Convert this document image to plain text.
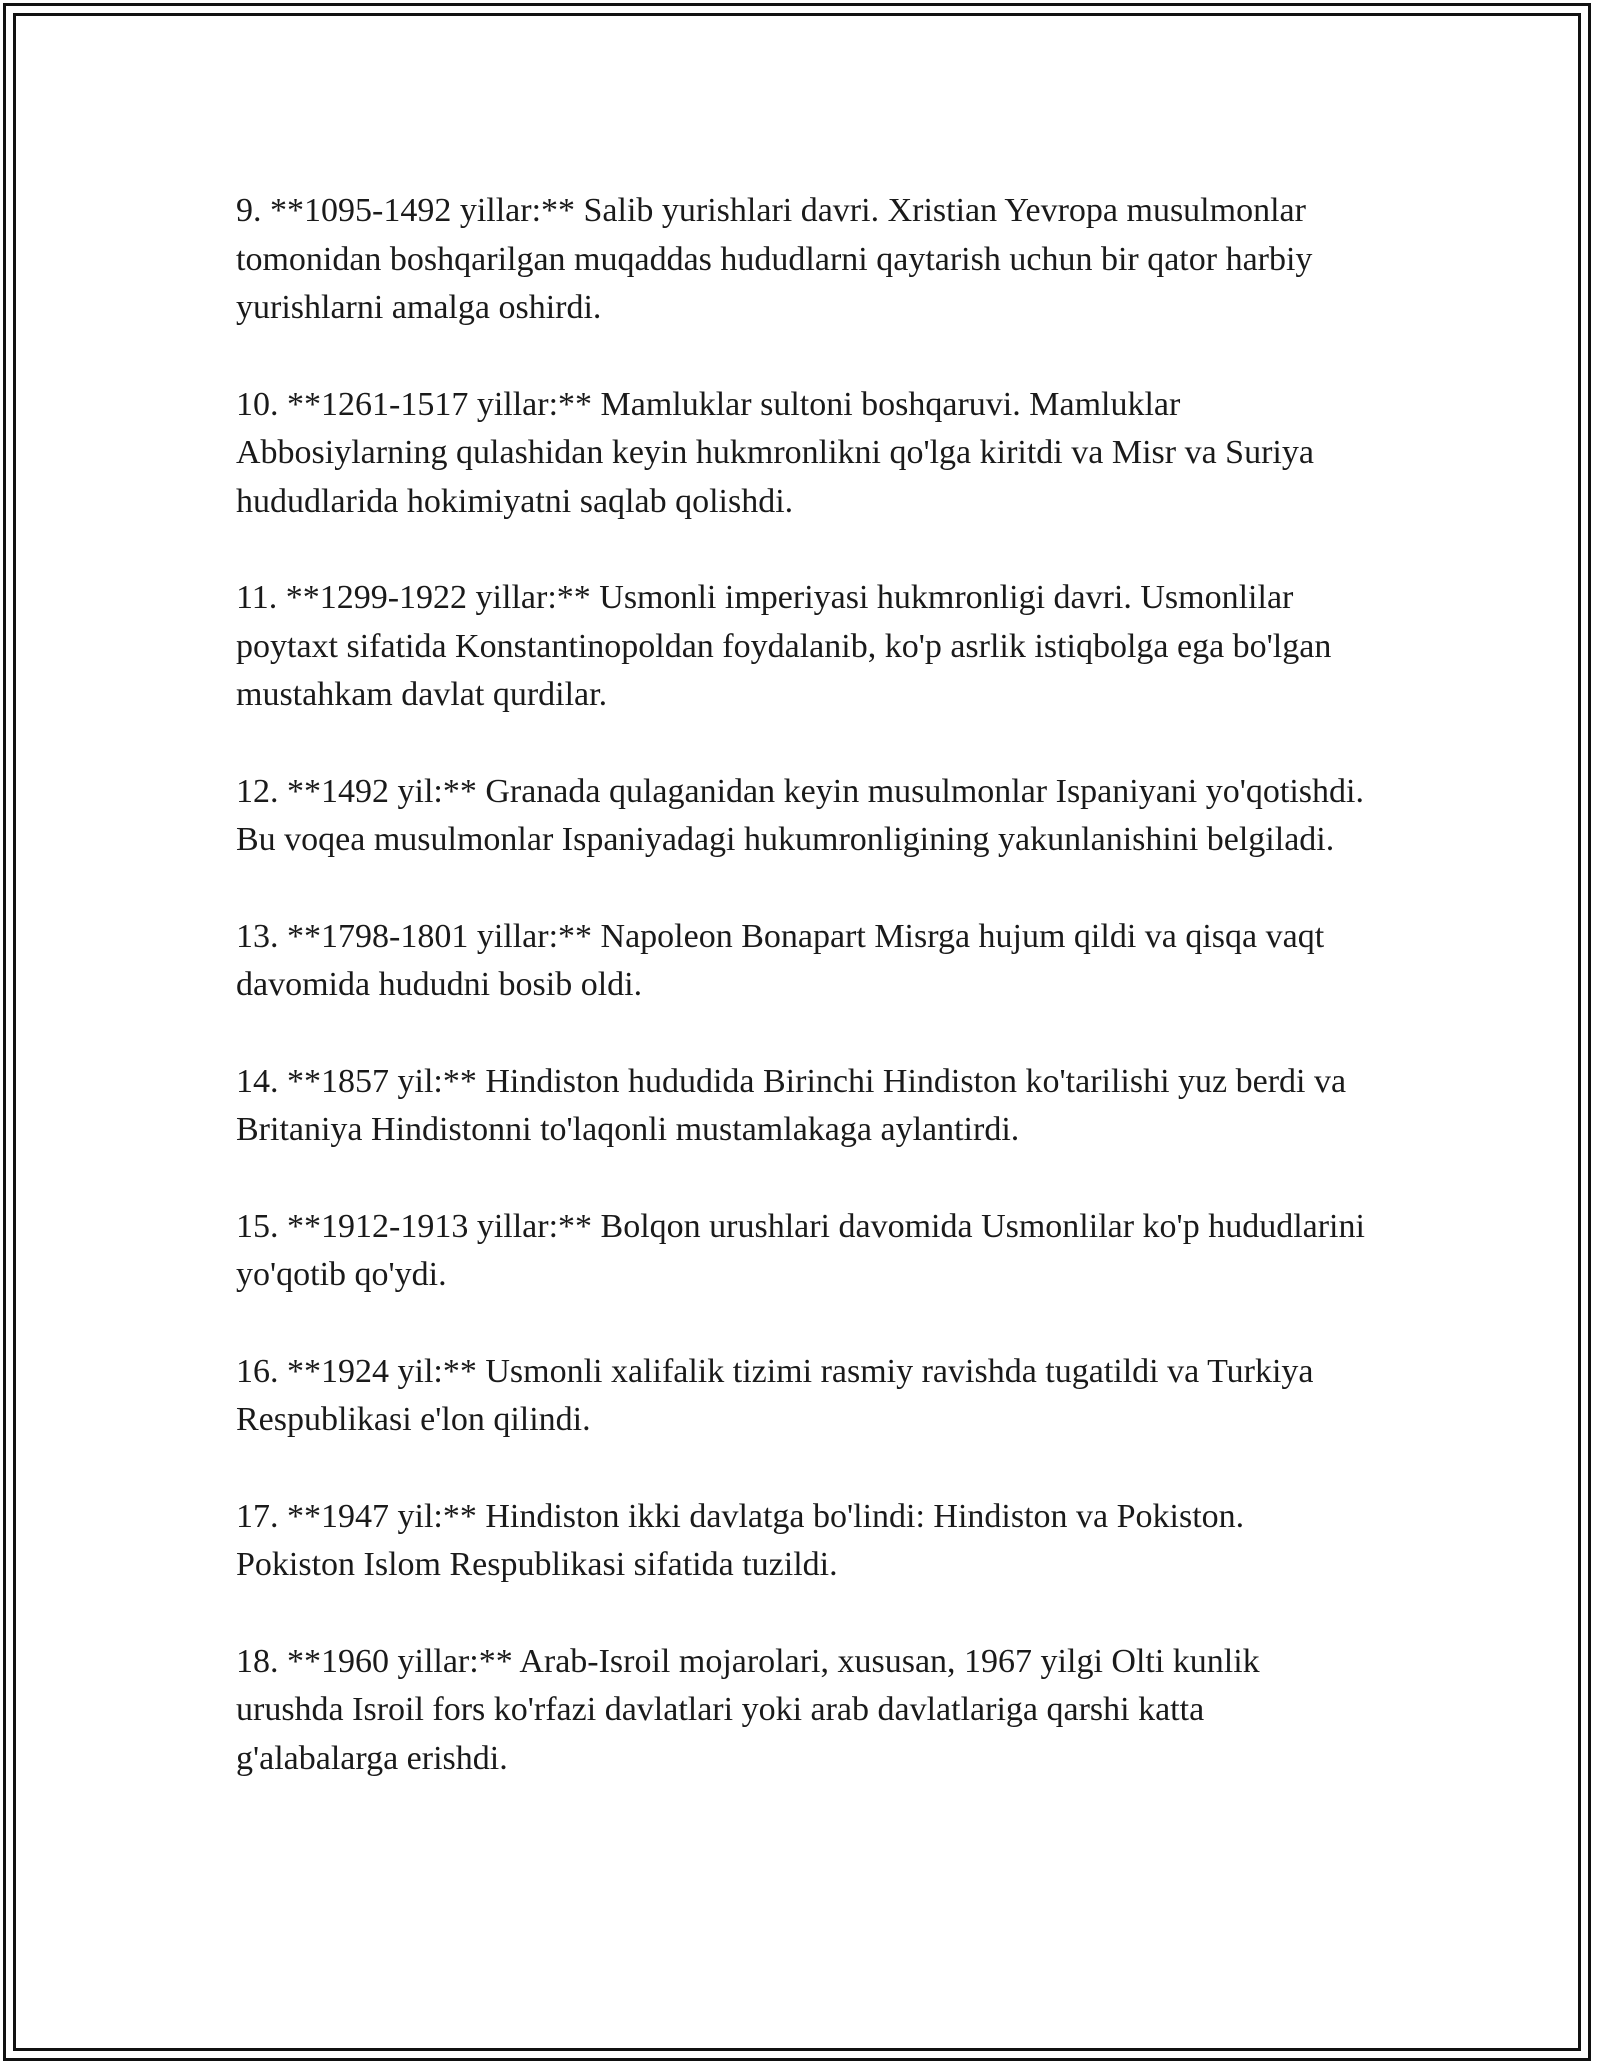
9. **1095-1492 yillar:** Salib yurishlari davri. Xristian Yevropa musulmonlar tomonidan boshqarilgan muqaddas hududlarni qaytarish uchun bir qator harbiy yurishlarni amalga oshirdi.

10. **1261-1517 yillar:** Mamluklar sultoni boshqaruvi. Mamluklar Abbosiylarning qulashidan keyin hukmronlikni qo'lga kiritdi va Misr va Suriya hududlarida hokimiyatni saqlab qolishdi.

11. **1299-1922 yillar:** Usmonli imperiyasi hukmronligi davri. Usmonlilar poytaxt sifatida Konstantinopoldan foydalanib, ko'p asrlik istiqbolga ega bo'lgan mustahkam davlat qurdilar.

12. **1492 yil:** Granada qulaganidan keyin musulmonlar Ispaniyani yo'qotishdi. Bu voqea musulmonlar Ispaniyadagi hukumronligining yakunlanishini belgiladi.

13. **1798-1801 yillar:** Napoleon Bonapart Misrga hujum qildi va qisqa vaqt davomida hududni bosib oldi.

14. **1857 yil:** Hindiston hududida Birinchi Hindiston ko'tarilishi yuz berdi va Britaniya Hindistonni to'laqonli mustamlakaga aylantirdi.

15. **1912-1913 yillar:** Bolqon urushlari davomida Usmonlilar ko'p hududlarini yo'qotib qo'ydi.

16. **1924 yil:** Usmonli xalifalik tizimi rasmiy ravishda tugatildi va Turkiya Respublikasi e'lon qilindi.

17. **1947 yil:** Hindiston ikki davlatga bo'lindi: Hindiston va Pokiston. Pokiston Islom Respublikasi sifatida tuzildi.

18. **1960 yillar:** Arab-Isroil mojarolari, xususan, 1967 yilgi Olti kunlik urushda Isroil fors ko'rfazi davlatlari yoki arab davlatlariga qarshi katta g'alabalarga erishdi.
